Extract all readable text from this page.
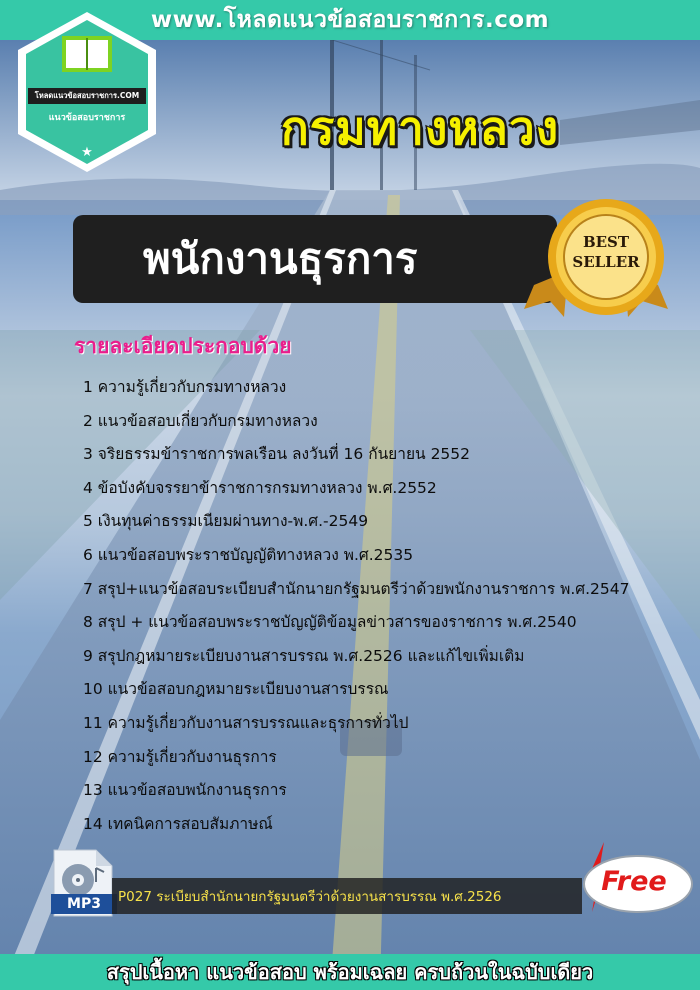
www.โหลดแนวข้อสอบราชการ.com
โหลดแนวข้อสอบราชการ.COM
แนวข้อสอบราชการ
★	กรมทางหลวง
พนักงานธุรการ	BEST
SELLER
รายละเอียดประกอบด้วย
1 ความรู้เกี่ยวกับกรมทางหลวง
2 แนวข้อสอบเกี่ยวกับกรมทางหลวง
3 จริยธรรมข้าราชการพลเรือน ลงวันที่ 16 กันยายน 2552
4 ข้อบังคับจรรยาข้าราชการกรมทางหลวง พ.ศ.2552
5 เงินทุนค่าธรรมเนียมผ่านทาง-พ.ศ.-2549
6 แนวข้อสอบพระราชบัญญัติทางหลวง พ.ศ.2535
7 สรุป+แนวข้อสอบระเบียบสำนักนายกรัฐมนตรีว่าด้วยพนักงานราชการ พ.ศ.2547
8 สรุป + แนวข้อสอบพระราชบัญญัติข้อมูลข่าวสารของราชการ พ.ศ.2540
9 สรุปกฎหมายระเบียบงานสารบรรณ พ.ศ.2526 และแก้ไขเพิ่มเติม
10 แนวข้อสอบกฎหมายระเบียบงานสารบรรณ
11 ความรู้เกี่ยวกับงานสารบรรณและธุรการทั่วไป
12 ความรู้เกี่ยวกับงานธุรการ
13 แนวข้อสอบพนักงานธุรการ
14 เทคนิคการสอบสัมภาษณ์
MP3	P027 ระเบียบสำนักนายกรัฐมนตรีว่าด้วยงานสารบรรณ พ.ศ.2526	Free
สรุปเนื้อหา แนวข้อสอบ พร้อมเฉลย ครบถ้วนในฉบับเดียว
